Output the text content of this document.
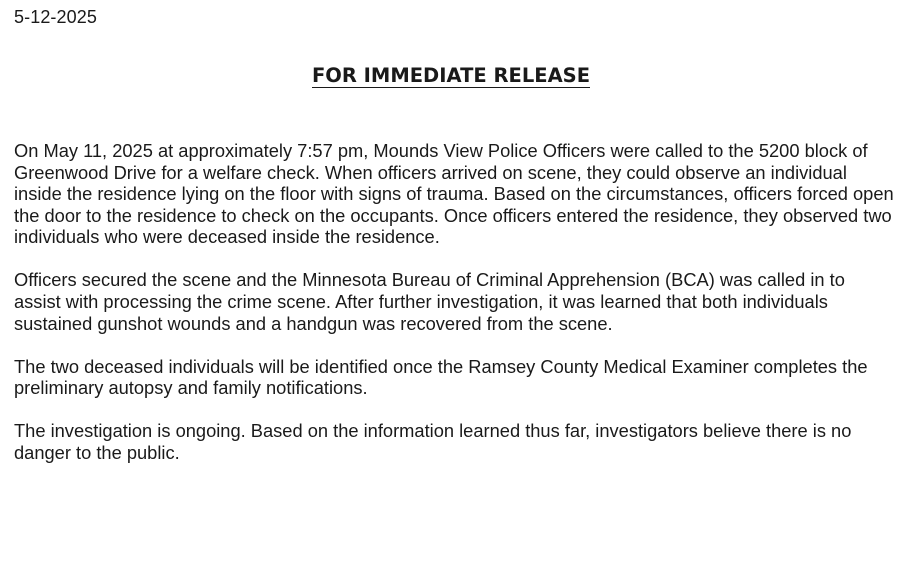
5-12-2025
FOR IMMEDIATE RELEASE

On May 11, 2025 at approximately 7:57 pm, Mounds View Police Officers were called to the 5200 block of Greenwood Drive for a welfare check. When officers arrived on scene, they could observe an individual inside the residence lying on the floor with signs of trauma. Based on the circumstances, officers forced open the door to the residence to check on the occupants. Once officers entered the residence, they observed two individuals who were deceased inside the residence.

Officers secured the scene and the Minnesota Bureau of Criminal Apprehension (BCA) was called in to assist with processing the crime scene. After further investigation, it was learned that both individuals sustained gunshot wounds and a handgun was recovered from the scene.

The two deceased individuals will be identified once the Ramsey County Medical Examiner completes the preliminary autopsy and family notifications.

The investigation is ongoing. Based on the information learned thus far, investigators believe there is no danger to the public.
